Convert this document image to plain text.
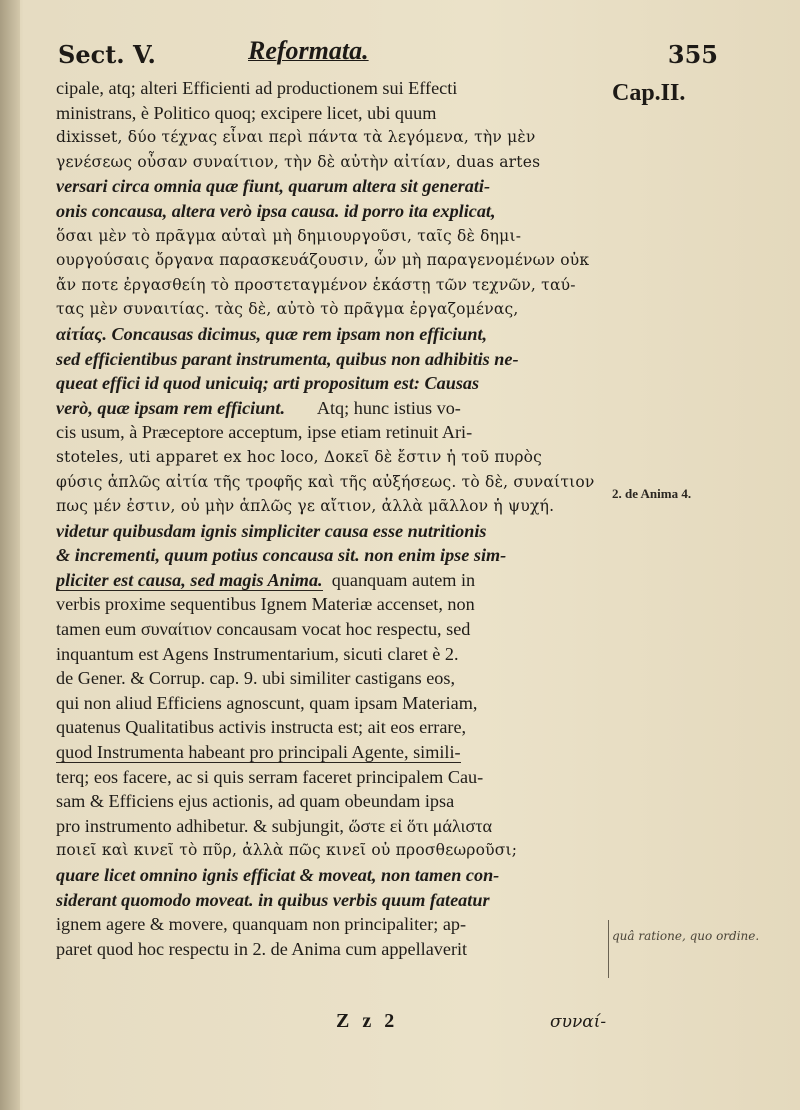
Sect. V.	Reformata.	355
Cap.II.
cipale, atq; alteri Efficienti ad productionem sui Effecti
ministrans, è Politico quoq; excipere licet, ubi quum
dixisset, δύο τέχνας εἶναι περὶ πάντα τὰ λεγόμενα, τὴν μὲν
γενέσεως οὖσαν συναίτιον, τὴν δὲ αὐτὴν αἰτίαν, duas artes
versari circa omnia quæ fiunt, quarum altera sit generati-
onis concausa, altera verò ipsa causa. id porro ita explicat,
ὅσαι μὲν τὸ πρᾶγμα αὐταὶ μὴ δημιουργοῦσι, ταῖς δὲ δημι-
ουργούσαις ὄργανα παρασκευάζουσιν, ὧν μὴ παραγενομένων οὐκ
ἄν ποτε ἐργασθείη τὸ προστεταγμένον ἑκάστῃ τῶν τεχνῶν, ταύ-
τας μὲν συναιτίας. τὰς δὲ, αὐτὸ τὸ πρᾶγμα ἐργαζομένας,
αἰτίας. Concausas dicimus, quæ rem ipsam non efficiunt,
sed efficientibus parant instrumenta, quibus non adhibitis ne-
queat effici id quod unicuiq; arti propositum est: Causas
verò, quæ ipsam rem efficiunt. Atq; hunc istius vo-
cis usum, à Præceptore acceptum, ipse etiam retinuit Ari-
stoteles, uti apparet ex hoc loco, Δοκεῖ δὲ ἔστιν ἡ τοῦ πυρὸς
φύσις ἁπλῶς αἰτία τῆς τροφῆς καὶ τῆς αὐξήσεως. τὸ δὲ, συναίτιον
πως μέν ἐστιν, οὐ μὴν ἁπλῶς γε αἴτιον, ἀλλὰ μᾶλλον ἡ ψυχή.
videtur quibusdam ignis simpliciter causa esse nutritionis
& incrementi, quum potius concausa sit. non enim ipse sim-
pliciter est causa, sed magis Anima. quanquam autem in
verbis proxime sequentibus Ignem Materiæ accenset, non
tamen eum συναίτιον concausam vocat hoc respectu, sed
inquantum est Agens Instrumentarium, sicuti claret è 2.
de Gener. & Corrup. cap. 9. ubi similiter castigans eos,
qui non aliud Efficiens agnoscunt, quam ipsam Materiam,
quatenus Qualitatibus activis instructa est; ait eos errare,
quod Instrumenta habeant pro principali Agente, simili-
terq; eos facere, ac si quis serram faceret principalem Cau-
sam & Efficiens ejus actionis, ad quam obeundam ipsa
pro instrumento adhibetur. & subjungit, ὥστε εἰ ὅτι μάλιστα
ποιεῖ καὶ κινεῖ τὸ πῦρ, ἀλλὰ πῶς κινεῖ οὐ προσθεωροῦσι;
quare licet omnino ignis efficiat & moveat, non tamen con-
siderant quomodo moveat. in quibus verbis quum fateatur
ignem agere & movere, quanquam non principaliter; ap-
paret quod hoc respectu in 2. de Anima cum appellaverit
2. de Anima 4.
quâ ratione, quo ordine.
Z z 2	συναί-
